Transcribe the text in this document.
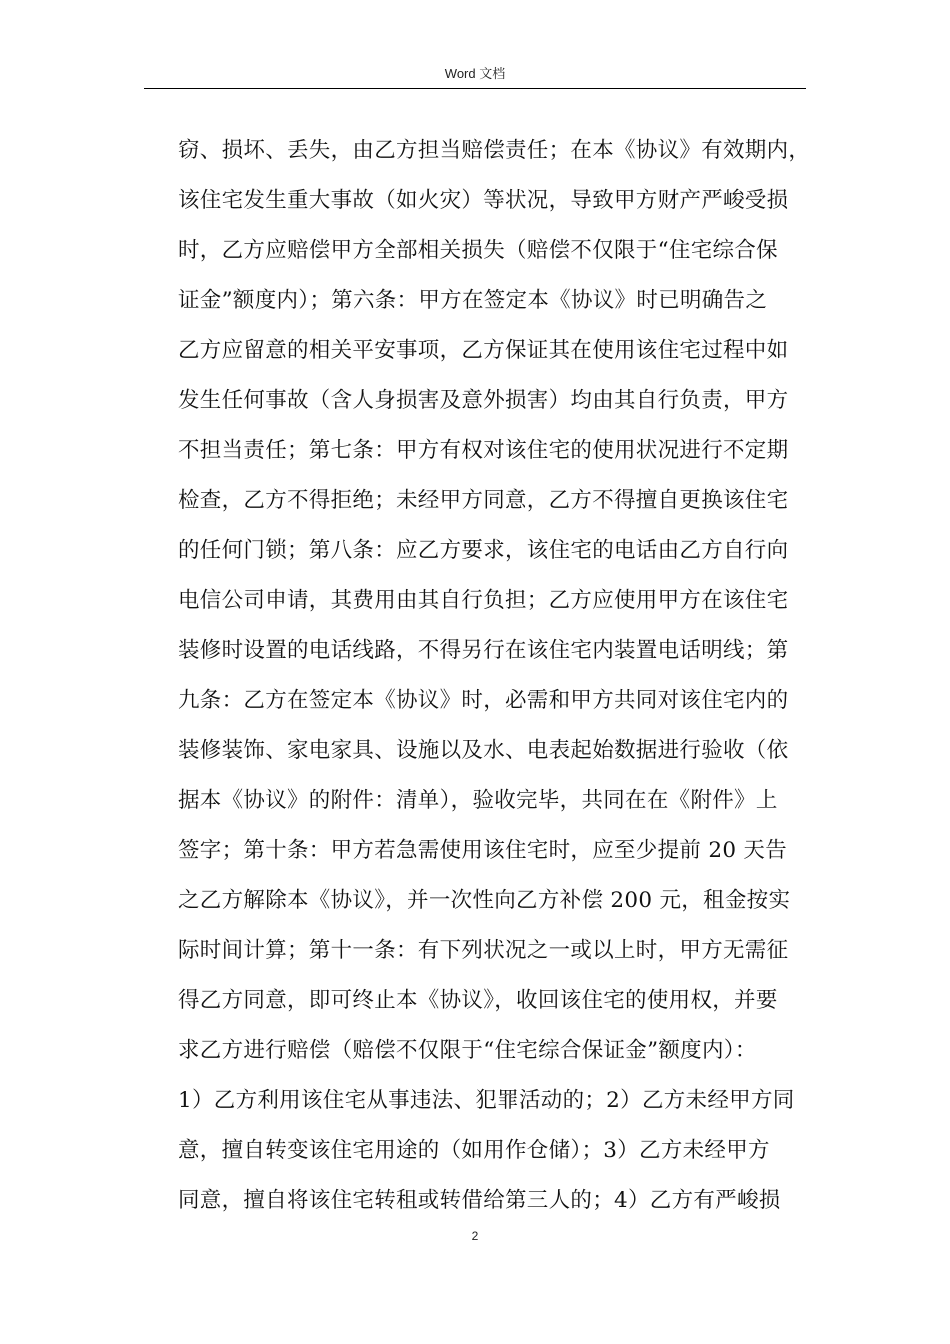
Word 文档
窃、损坏、丢失，由乙方担当赔偿责任；在本《协议》有效期内，
该住宅发生重大事故（如火灾）等状况，导致甲方财产严峻受损
时，乙方应赔偿甲方全部相关损失（赔偿不仅限于“住宅综合保
证金”额度内）；第六条：甲方在签定本《协议》时已明确告之
乙方应留意的相关平安事项，乙方保证其在使用该住宅过程中如
发生任何事故（含人身损害及意外损害）均由其自行负责，甲方
不担当责任；第七条：甲方有权对该住宅的使用状况进行不定期
检查，乙方不得拒绝；未经甲方同意，乙方不得擅自更换该住宅
的任何门锁；第八条：应乙方要求，该住宅的电话由乙方自行向
电信公司申请，其费用由其自行负担；乙方应使用甲方在该住宅
装修时设置的电话线路，不得另行在该住宅内装置电话明线；第
九条：乙方在签定本《协议》时，必需和甲方共同对该住宅内的
装修装饰、家电家具、设施以及水、电表起始数据进行验收（依
据本《协议》的附件：清单），验收完毕，共同在在《附件》上
签字；第十条：甲方若急需使用该住宅时，应至少提前 20 天告
之乙方解除本《协议》，并一次性向乙方补偿 200 元，租金按实
际时间计算；第十一条：有下列状况之一或以上时，甲方无需征
得乙方同意，即可终止本《协议》，收回该住宅的使用权，并要
求乙方进行赔偿（赔偿不仅限于“住宅综合保证金”额度内）：
1）乙方利用该住宅从事违法、犯罪活动的；2）乙方未经甲方同
意，擅自转变该住宅用途的（如用作仓储）；3）乙方未经甲方
同意，擅自将该住宅转租或转借给第三人的；4）乙方有严峻损
2
